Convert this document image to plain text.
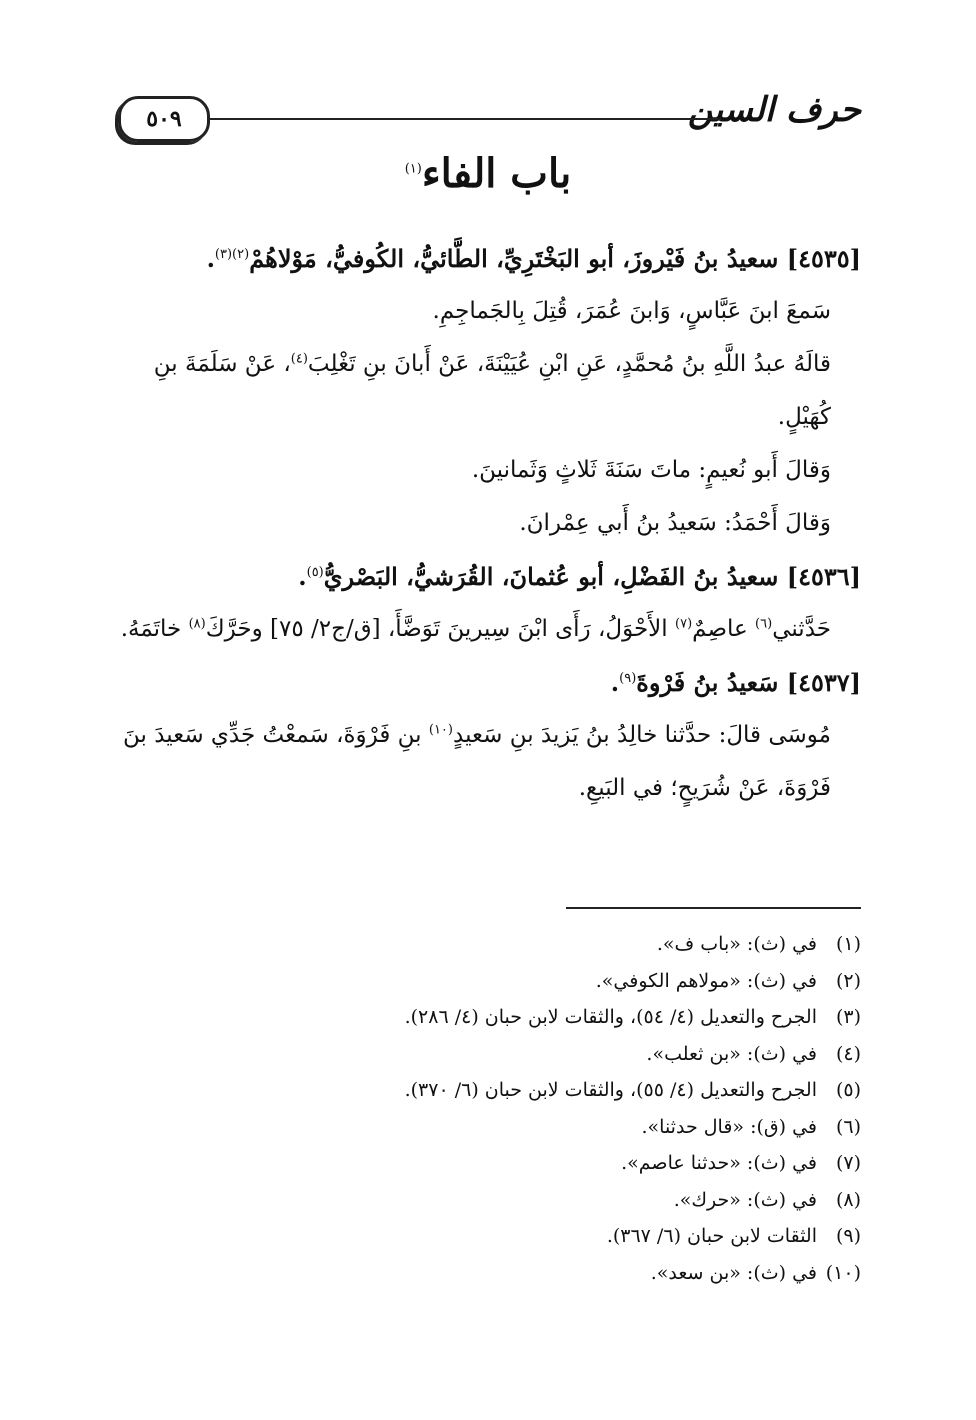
حرف السين
٥٠٩
باب الفاء$^{(١)}$

[٤٥٣٥] سعيدُ بنُ فَيْروزَ، أبو البَخْتَرِيِّ، الطَّائيُّ، الكُوفيُّ، مَوْلاهُمْ$^{(٢)(٣)}$.

سَمعَ ابنَ عَبَّاسٍ، وَابنَ عُمَرَ، قُتِلَ بِالجَماجِمِ.

قالَهُ عبدُ اللَّهِ بنُ مُحمَّدٍ، عَنِ ابْنِ عُيَيْنَةَ، عَنْ أَبانَ بنِ تَغْلِبَ$^{(٤)}$، عَنْ سَلَمَةَ بنِ كُهَيْلٍ.

وَقالَ أَبو نُعيمٍ: ماتَ سَنَةَ ثَلاثٍ وَثَمانينَ.

وَقالَ أَحْمَدُ: سَعيدُ بنُ أَبي عِمْرانَ.

[٤٥٣٦] سعيدُ بنُ الفَضْلِ، أبو عُثمانَ، القُرَشيُّ، البَصْريُّ$^{(٥)}$.

حَدَّثني$^{(٦)}$ عاصِمٌ$^{(٧)}$ الأَحْوَلُ، رَأَى ابْنَ سِيرينَ تَوَضَّأَ، [ق/ج٢/ ٧٥] وحَرَّكَ$^{(٨)}$ خاتَمَهُ.

[٤٥٣٧] سَعيدُ بنُ فَرْوةَ$^{(٩)}$.

مُوسَى قالَ: حدَّثنا خالِدُ بنُ يَزيدَ بنِ سَعيدٍ$^{(١٠)}$ بنِ فَرْوَةَ، سَمعْتُ جَدِّي سَعيدَ بنَ فَرْوَةَ، عَنْ شُرَيحٍ؛ في البَيعِ.

(١)في (ث): «باب ف».

(٢)في (ث): «مولاهم الكوفي».

(٣)الجرح والتعديل (٤/ ٥٤)، والثقات لابن حبان (٤/ ٢٨٦).

(٤)في (ث): «بن ثعلب».

(٥)الجرح والتعديل (٤/ ٥٥)، والثقات لابن حبان (٦/ ٣٧٠).

(٦)في (ق): «قال حدثنا».

(٧)في (ث): «حدثنا عاصم».

(٨)في (ث): «حرك».

(٩)الثقات لابن حبان (٦/ ٣٦٧).

(١٠)في (ث): «بن سعد».
